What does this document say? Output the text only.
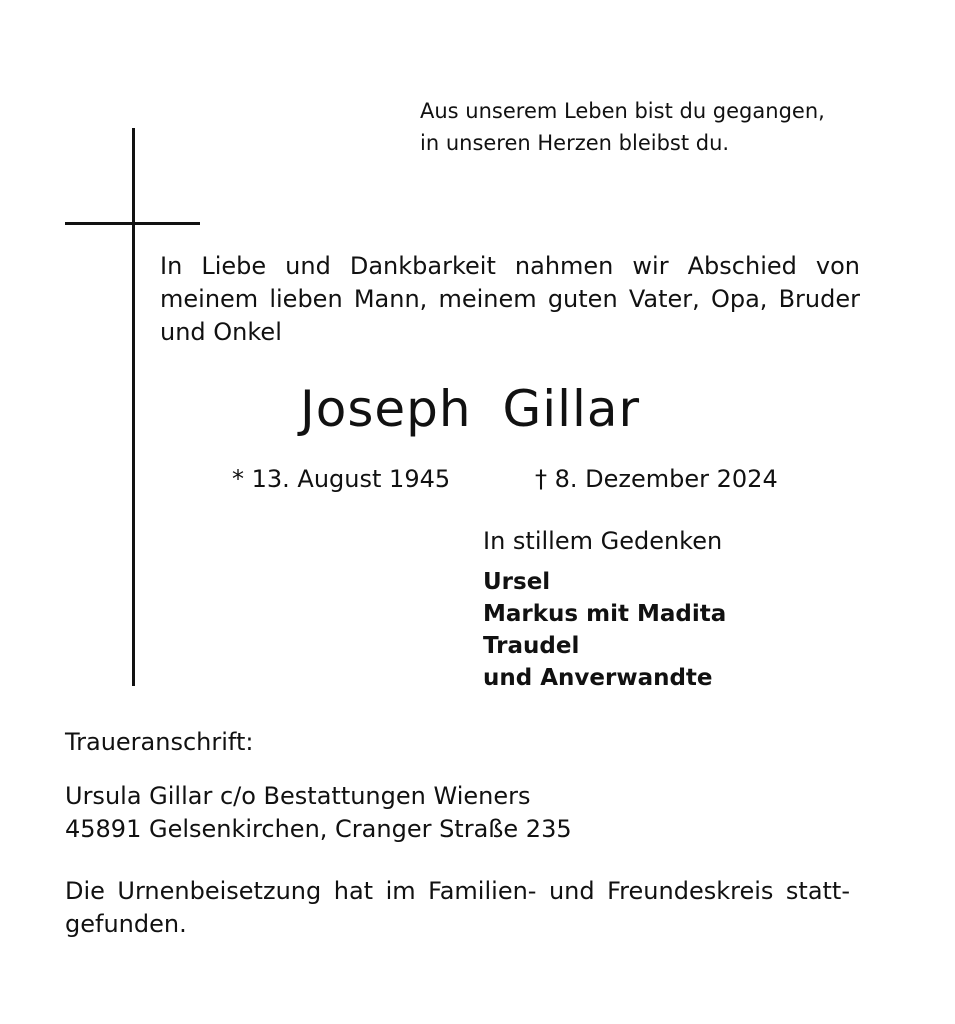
Aus unserem Leben bist du gegangen,
in unseren Herzen bleibst du.
In Liebe und Dankbarkeit nahmen wir Abschied von
meinem lieben Mann, meinem guten Vater, Opa, Bruder
und Onkel
Joseph Gillar
* 13. August 1945	† 8. Dezember 2024
In stillem Gedenken
Ursel
Markus mit Madita
Traudel
und Anverwandte
Traueranschrift:
Ursula Gillar c/o Bestattungen Wieners
45891 Gelsenkirchen, Cranger Straße 235
Die Urnenbeisetzung hat im Familien- und Freundeskreis statt-
gefunden.
